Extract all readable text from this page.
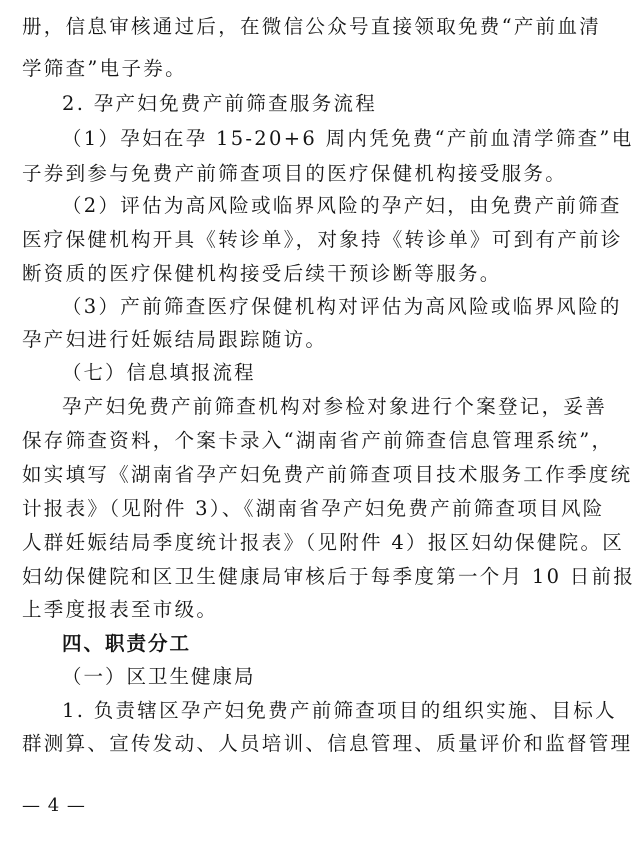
册，信息审核通过后，在微信公众号直接领取免费“产前血清
学筛查”电子券。
2. 孕产妇免费产前筛查服务流程
（1）孕妇在孕 15-20+6 周内凭免费“产前血清学筛查”电
子券到参与免费产前筛查项目的医疗保健机构接受服务。
（2）评估为高风险或临界风险的孕产妇，由免费产前筛查
医疗保健机构开具《转诊单》，对象持《转诊单》可到有产前诊
断资质的医疗保健机构接受后续干预诊断等服务。
（3）产前筛查医疗保健机构对评估为高风险或临界风险的
孕产妇进行妊娠结局跟踪随访。
（七）信息填报流程
孕产妇免费产前筛查机构对参检对象进行个案登记，妥善
保存筛查资料，个案卡录入“湖南省产前筛查信息管理系统”，
如实填写《湖南省孕产妇免费产前筛查项目技术服务工作季度统
计报表》（见附件 3）、《湖南省孕产妇免费产前筛查项目风险
人群妊娠结局季度统计报表》（见附件 4）报区妇幼保健院。区
妇幼保健院和区卫生健康局审核后于每季度第一个月 10 日前报
上季度报表至市级。
四、职责分工
（一）区卫生健康局
1. 负责辖区孕产妇免费产前筛查项目的组织实施、目标人
群测算、宣传发动、人员培训、信息管理、质量评价和监督管理
— 4 —
